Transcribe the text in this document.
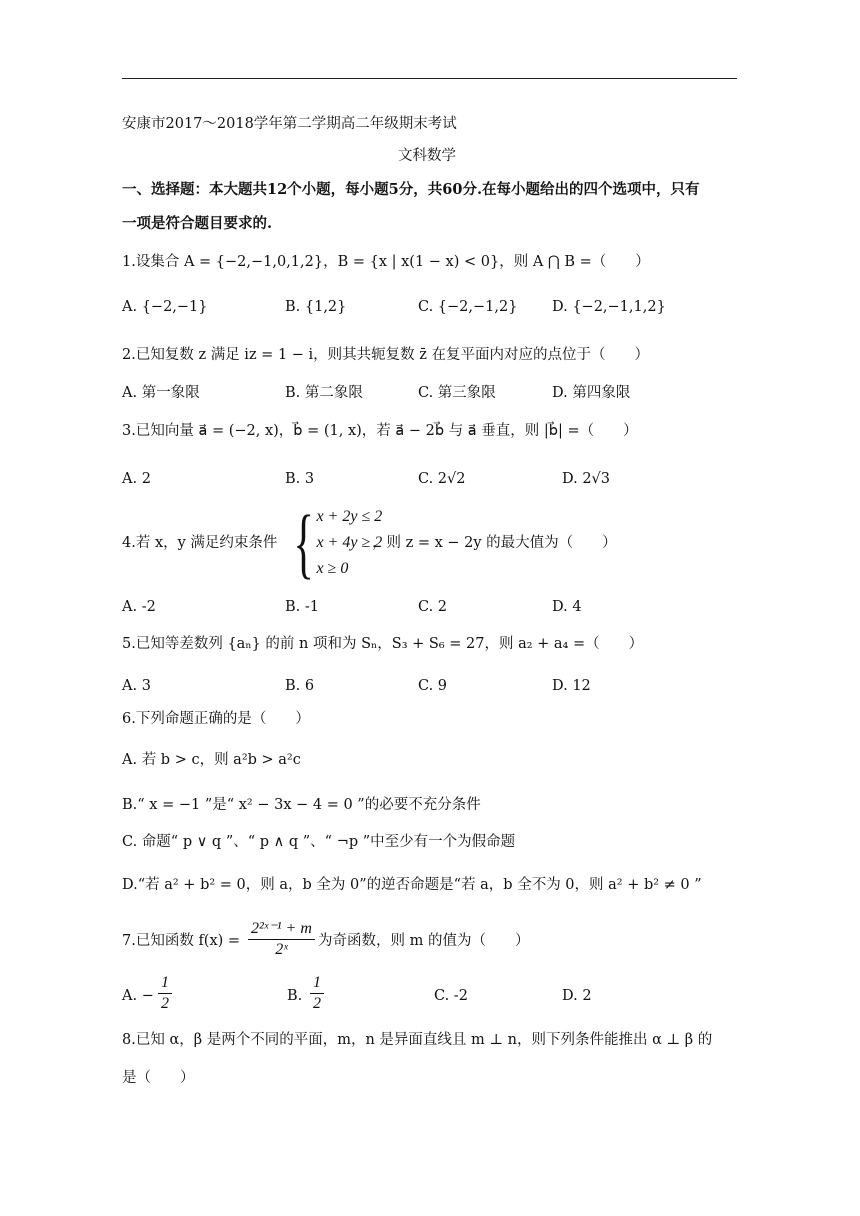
安康市2017～2018学年第二学期高二年级期末考试
文科数学
一、选择题：本大题共12个小题，每小题5分，共60分.在每小题给出的四个选项中，只有
一项是符合题目要求的.
1.设集合 A = {−2,−1,0,1,2}，B = {x | x(1 − x) < 0}，则 A ⋂ B =（　　）
A. {−2,−1}	B. {1,2}	C. {−2,−1,2} D. {−2,−1,1,2}
2.已知复数 z 满足 iz = 1 − i，则其共轭复数 z̄ 在复平面内对应的点位于（　　）
A. 第一象限	B. 第二象限	C. 第三象限	D. 第四象限
3.已知向量 a⃗ = (−2, x)，b⃗ = (1, x)，若 a⃗ − 2b⃗ 与 a⃗ 垂直，则 |b⃗| =（　　）
A. 2	B. 3	C. 2√2	D. 2√3
4.若 x，y 满足约束条件 { x + 2y ≤ 2
x + 4y ≥ 2
x ≥ 0
，则 z = x − 2y 的最大值为（　　）
A. -2	B. -1	C. 2	D. 4
5.已知等差数列 {aₙ} 的前 n 项和为 Sₙ，S₃ + S₆ = 27，则 a₂ + a₄ =（　　）
A. 3	B. 6	C. 9	D. 12
6.下列命题正确的是（　　）
A. 若 b > c，则 a²b > a²c
B.“ x = −1 ”是“ x² − 3x − 4 = 0 ”的必要不充分条件
C. 命题“ p ∨ q ”、“ p ∧ q ”、“ ¬p ”中至少有一个为假命题
D.“若 a² + b² = 0，则 a，b 全为 0”的逆否命题是“若 a，b 全不为 0，则 a² + b² ≠ 0 ”
7.已知函数 $f(x) = \frac{\text{2²ˣ⁻¹ + m}}{\text{2ˣ}}$ 为奇函数，则 m 的值为（　　）
A. − $\frac{1}{2}$	B. $\frac{1}{2}$	C. -2	D. 2
8.已知 α，β 是两个不同的平面，m，n 是异面直线且 m ⊥ n，则下列条件能推出 α ⊥ β 的
是（　　）
